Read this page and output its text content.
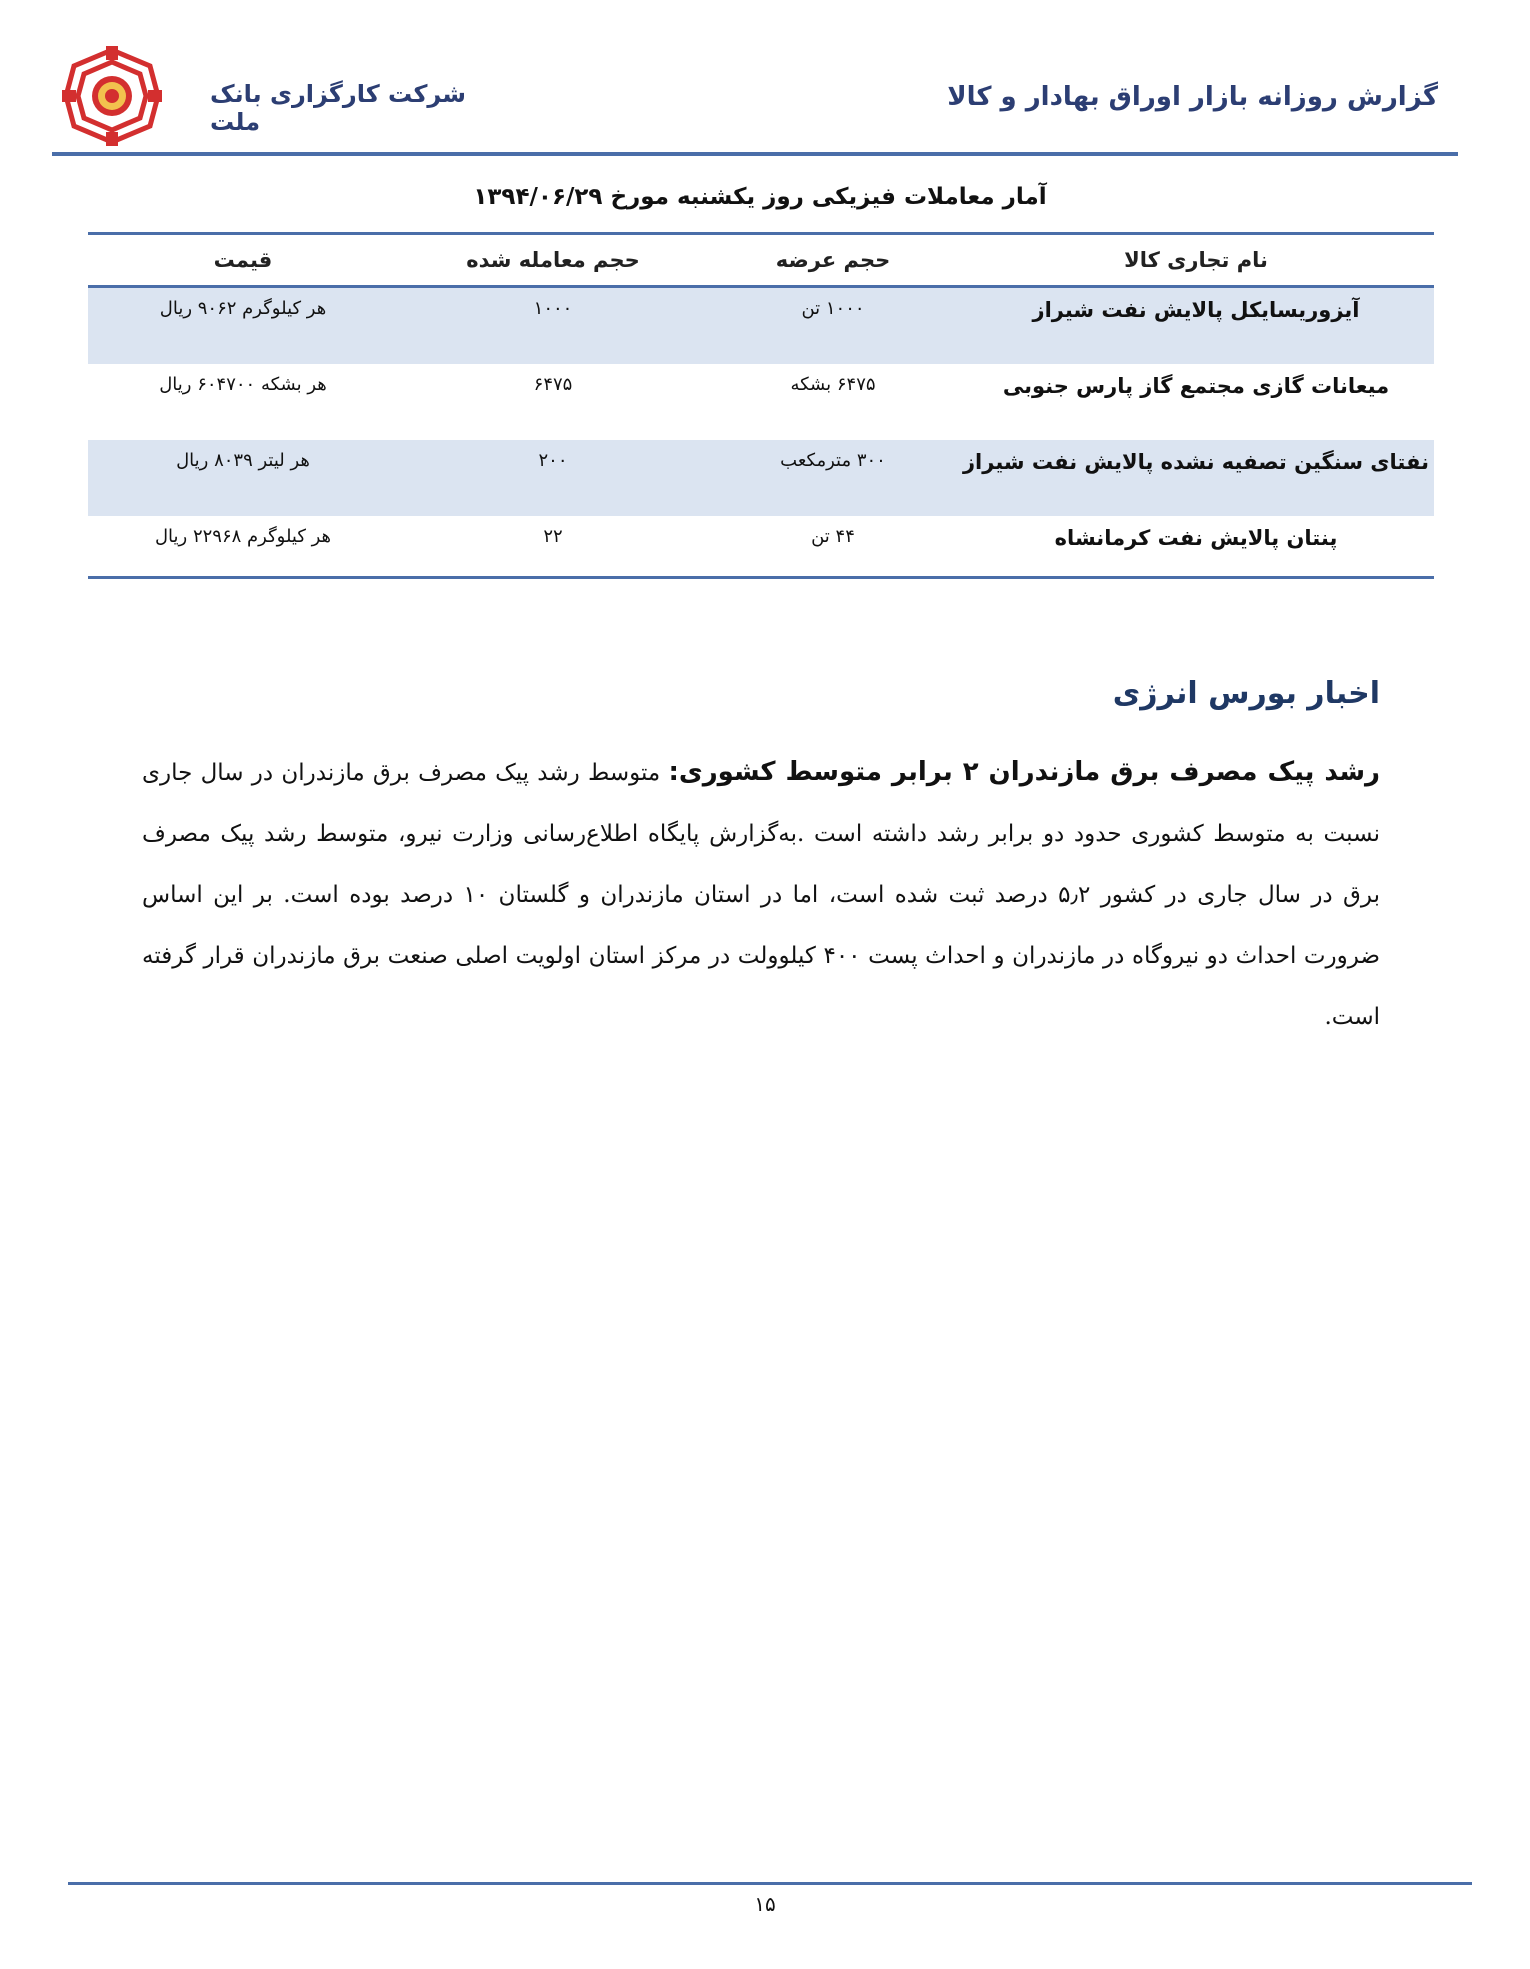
شرکت کارگزاری بانک ملت
گزارش روزانه بازار اوراق بهادار و کالا
آمار معاملات فیزیکی روز یکشنبه مورخ ۱۳۹۴/۰۶/۲۹
نام تجاری کالا	حجم عرضه	حجم معامله شده	قیمت
آیزوریسایکل پالایش نفت شیراز	۱۰۰۰ تن	۱۰۰۰	هر کیلوگرم ۹۰۶۲ ریال
میعانات گازی مجتمع گاز پارس جنوبی	۶۴۷۵ بشکه	۶۴۷۵	هر بشکه ۶۰۴۷۰۰ ریال
نفتای سنگین تصفیه نشده پالایش نفت شیراز	۳۰۰ مترمکعب	۲۰۰	هر لیتر ۸۰۳۹ ریال
پنتان پالایش نفت کرمانشاه	۴۴ تن	۲۲	هر کیلوگرم ۲۲۹۶۸ ریال
اخبار بورس انرژی
رشد پیک مصرف برق مازندران ۲ برابر متوسط کشوری: متوسط رشد پیک مصرف برق مازندران در سال جاری نسبت به متوسط کشوری حدود دو برابر رشد داشته است .به‌گزارش پایگاه اطلاع‌رسانی وزارت نیرو، متوسط رشد پیک مصرف برق در سال جاری در کشور ۵٫۲ درصد ثبت شده است، اما در استان مازندران و گلستان ۱۰ درصد بوده است. بر این اساس ضرورت احداث دو نیروگاه در مازندران و احداث پست ۴۰۰ کیلوولت در مرکز استان اولویت اصلی صنعت برق مازندران قرار گرفته است.
۱۵
